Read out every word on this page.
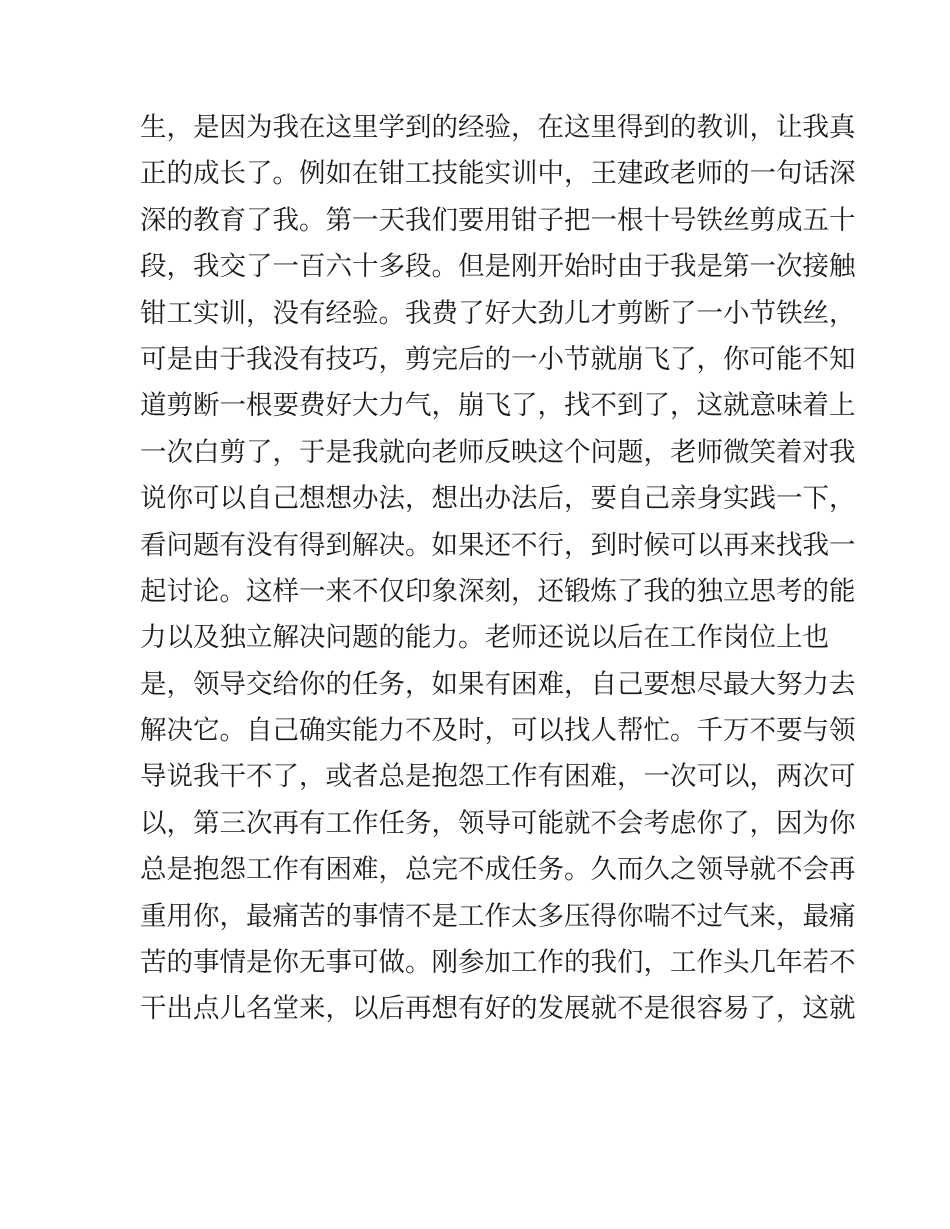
生，是因为我在这里学到的经验，在这里得到的教训，让我真
正的成长了。例如在钳工技能实训中，王建政老师的一句话深
深的教育了我。第一天我们要用钳子把一根十号铁丝剪成五十
段，我交了一百六十多段。但是刚开始时由于我是第一次接触
钳工实训，没有经验。我费了好大劲儿才剪断了一小节铁丝，
可是由于我没有技巧，剪完后的一小节就崩飞了，你可能不知
道剪断一根要费好大力气，崩飞了，找不到了，这就意味着上
一次白剪了，于是我就向老师反映这个问题，老师微笑着对我
说你可以自己想想办法，想出办法后，要自己亲身实践一下，
看问题有没有得到解决。如果还不行，到时候可以再来找我一
起讨论。这样一来不仅印象深刻，还锻炼了我的独立思考的能
力以及独立解决问题的能力。老师还说以后在工作岗位上也
是，领导交给你的任务，如果有困难，自己要想尽最大努力去
解决它。自己确实能力不及时，可以找人帮忙。千万不要与领
导说我干不了，或者总是抱怨工作有困难，一次可以，两次可
以，第三次再有工作任务，领导可能就不会考虑你了，因为你
总是抱怨工作有困难，总完不成任务。久而久之领导就不会再
重用你，最痛苦的事情不是工作太多压得你喘不过气来，最痛
苦的事情是你无事可做。刚参加工作的我们，工作头几年若不
干出点儿名堂来，以后再想有好的发展就不是很容易了，这就
